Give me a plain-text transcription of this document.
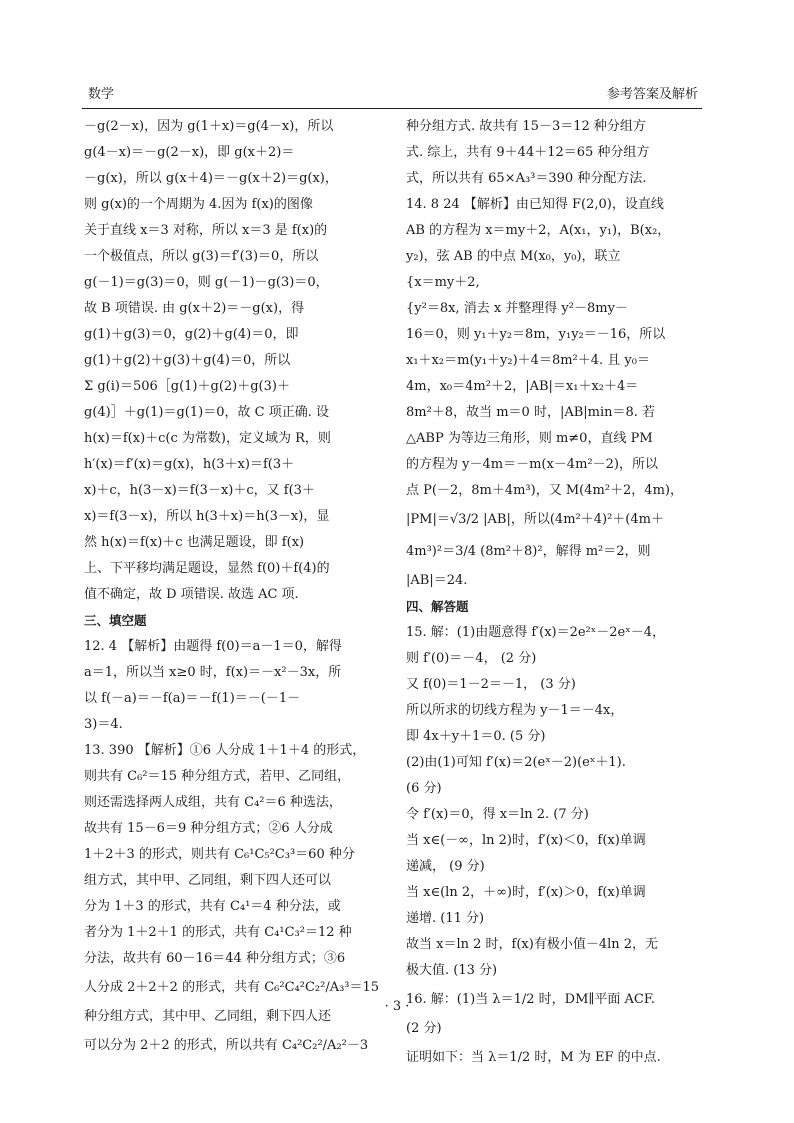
数学	参考答案及解析
－g(2－x)，因为 g(1＋x)＝g(4－x)，所以
g(4－x)＝－g(2－x)，即 g(x＋2)＝
－g(x)，所以 g(x＋4)＝－g(x＋2)＝g(x)，
则 g(x)的一个周期为 4.因为 f(x)的图像
关于直线 x＝3 对称，所以 x＝3 是 f(x)的
一个极值点，所以 g(3)＝f′(3)＝0，所以
g(－1)＝g(3)＝0，则 g(－1)－g(3)＝0，
故 B 项错误. 由 g(x＋2)＝－g(x)，得
g(1)＋g(3)＝0，g(2)＋g(4)＝0，即
g(1)＋g(2)＋g(3)＋g(4)＝0，所以
Σ g(i)＝506［g(1)＋g(2)＋g(3)＋
g(4)］＋g(1)＝g(1)＝0，故 C 项正确. 设
h(x)＝f(x)＋c(c 为常数)，定义域为 R，则
h′(x)＝f′(x)＝g(x)，h(3＋x)＝f(3＋
x)＋c，h(3－x)＝f(3－x)＋c，又 f(3＋
x)＝f(3－x)，所以 h(3＋x)＝h(3－x)，显
然 h(x)＝f(x)＋c 也满足题设，即 f(x)
上、下平移均满足题设，显然 f(0)＋f(4)的
值不确定，故 D 项错误. 故选 AC 项.
三、填空题
12. 4 【解析】由题得 f(0)＝a－1＝0，解得
a＝1，所以当 x≥0 时，f(x)＝－x²－3x，所
以 f(－a)＝－f(a)＝－f(1)＝－(－1－
3)＝4.
13. 390 【解析】①6 人分成 1＋1＋4 的形式，
则共有 C₆²＝15 种分组方式，若甲、乙同组，
则还需选择两人成组，共有 C₄²＝6 种选法，
故共有 15－6＝9 种分组方式；②6 人分成
1＋2＋3 的形式，则共有 C₆¹C₅²C₃³＝60 种分
组方式，其中甲、乙同组，剩下四人还可以
分为 1＋3 的形式，共有 C₄¹＝4 种分法，或
者分为 1＋2＋1 的形式，共有 C₄¹C₃²＝12 种
分法，故共有 60－16＝44 种分组方式；③6
人分成 2＋2＋2 的形式，共有 C₆²C₄²C₂²/A₃³＝15
种分组方式，其中甲、乙同组，剩下四人还
可以分为 2＋2 的形式，所以共有 C₄²C₂²/A₂²－3
种分组方式. 故共有 15－3＝12 种分组方
式. 综上，共有 9＋44＋12＝65 种分组方
式，所以共有 65×A₃³＝390 种分配方法.
14. 8 24 【解析】由已知得 F(2,0)，设直线
AB 的方程为 x＝my＋2，A(x₁，y₁)，B(x₂，
y₂)，弦 AB 的中点 M(x₀，y₀)，联立
{x＝my＋2,
{y²＝8x, 消去 x 并整理得 y²－8my－
16＝0，则 y₁＋y₂＝8m，y₁y₂＝－16，所以
x₁＋x₂＝m(y₁＋y₂)＋4＝8m²＋4. 且 y₀＝
4m，x₀＝4m²＋2，|AB|＝x₁＋x₂＋4＝
8m²＋8，故当 m＝0 时，|AB|min＝8. 若
△ABP 为等边三角形，则 m≠0，直线 PM
的方程为 y－4m＝－m(x－4m²－2)，所以
点 P(－2，8m＋4m³)，又 M(4m²＋2，4m)，
|PM|＝√3/2 |AB|，所以(4m²＋4)²＋(4m＋
4m³)²＝3/4 (8m²＋8)²，解得 m²＝2，则
|AB|＝24.
四、解答题
15. 解：(1)由题意得 f′(x)＝2e²ˣ－2eˣ－4，
则 f′(0)＝－4， (2 分)
又 f(0)＝1－2＝－1， (3 分)
所以所求的切线方程为 y－1＝－4x，
即 4x＋y＋1＝0. (5 分)
(2)由(1)可知 f′(x)＝2(eˣ－2)(eˣ＋1).
(6 分)
令 f′(x)＝0，得 x＝ln 2. (7 分)
当 x∈(－∞，ln 2)时，f′(x)＜0，f(x)单调
递减， (9 分)
当 x∈(ln 2，＋∞)时，f′(x)＞0，f(x)单调
递增. (11 分)
故当 x＝ln 2 时，f(x)有极小值－4ln 2，无
极大值. (13 分)
16. 解：(1)当 λ＝1/2 时，DM∥平面 ACF.
(2 分)
证明如下：当 λ＝1/2 时，M 为 EF 的中点.
· 3 ·
